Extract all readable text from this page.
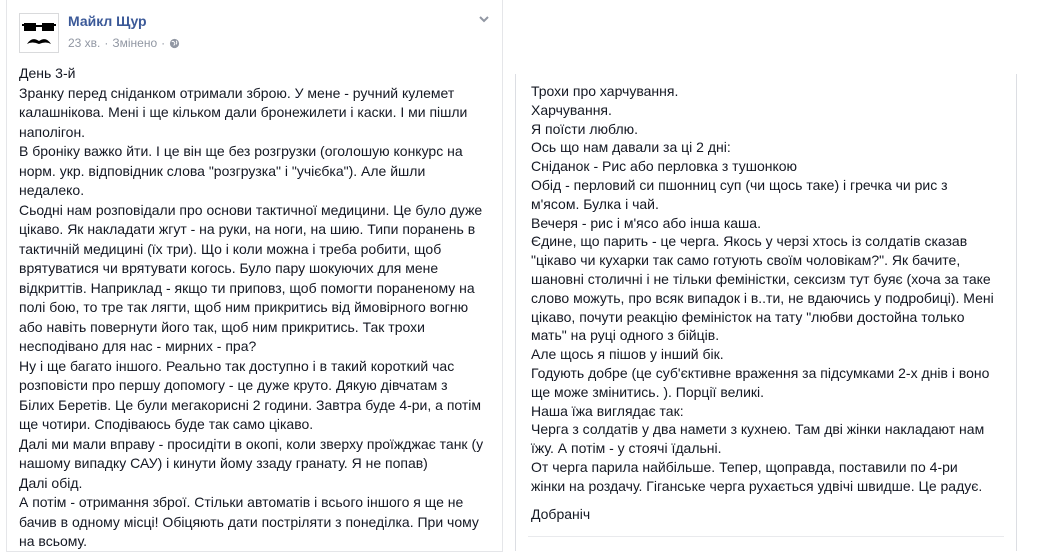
Майкл Щур
23 хв. · Змінено ·
День 3-й
Зранку перед сніданком отримали зброю. У мене - ручний кулемет
калашнікова. Мені і ще кільком дали бронежилети і каски. І ми пішли
наполігон.
В броніку важко йти. І це він ще без розгрузки (оголошую конкурс на
норм. укр. відповідник слова "розгрузка" і "учієбка"). Але йшли
недалеко.
Сьодні нам розповідали про основи тактичної медицини. Це було дуже
цікаво. Як накладати жгут - на руки, на ноги, на шию. Типи поранень в
тактичній медицині (їх три). Що і коли можна і треба робити, щоб
врятуватися чи врятувати когось. Було пару шокуючих для мене
відкриттів. Наприклад - якщо ти приповз, щоб помогти пораненому на
полі бою, то тре так лягти, щоб ним прикритись від ймовірного вогню
або навіть повернути його так, щоб ним прикритись. Так трохи
несподівано для нас - мирних - пра?
Ну і ще багато іншого. Реально так доступно і в такий короткий час
розповісти про першу допомогу - це дуже круто. Дякую дівчатам з
Білих Беретів. Це були мегакорисні 2 години. Завтра буде 4-ри, а потім
ще чотири. Сподіваюсь буде так само цікаво.
Далі ми мали вправу - просидіти в окопі, коли зверху проїжджає танк (у
нашому випадку САУ) і кинути йому ззаду гранату. Я не попав)
Далі обід.
А потім - отримання зброї. Стільки автоматів і всього іншого я ще не
бачив в одному місці! Обіцяють дати постріляти з понеділка. При чому
на всьому.
Трохи про харчування.
Харчування.
Я поїсти люблю.
Ось що нам давали за ці 2 дні:
Сніданок - Рис або перловка з тушонкою
Обід - перловий си пшонниц суп (чи щось таке) і гречка чи рис з
м'ясом. Булка і чай.
Вечеря - рис і м'ясо або інша каша.
Єдине, що парить - це черга. Якось у черзі хтось із солдатів сказав
"цікаво чи кухарки так само готують своїм чоловікам?". Як бачите,
шановні столичні і не тільки феміністки, сексизм тут буяє (хоча за таке
слово можуть, про всяк випадок і в..ти, не вдаючись у подробиці). Мені
цікаво, почути реакцію феміністок на тату "любви достойна только
мать" на руці одного з бійців.
Але щось я пішов у інший бік.
Годують добре (це суб'єктивне враження за підсумками 2-х днів і воно
ще може змінитись. ). Порції великі.
Наша їжа виглядає так:
Черга з солдатів у два намети з кухнею. Там дві жінки накладают нам
їжу. А потім - у стоячі їдальні.
От черга парила найбільше. Тепер, щоправда, поставили по 4-ри
жінки на роздачу. Гіганське черга рухається удвічі швидше. Це радує.
Добраніч
